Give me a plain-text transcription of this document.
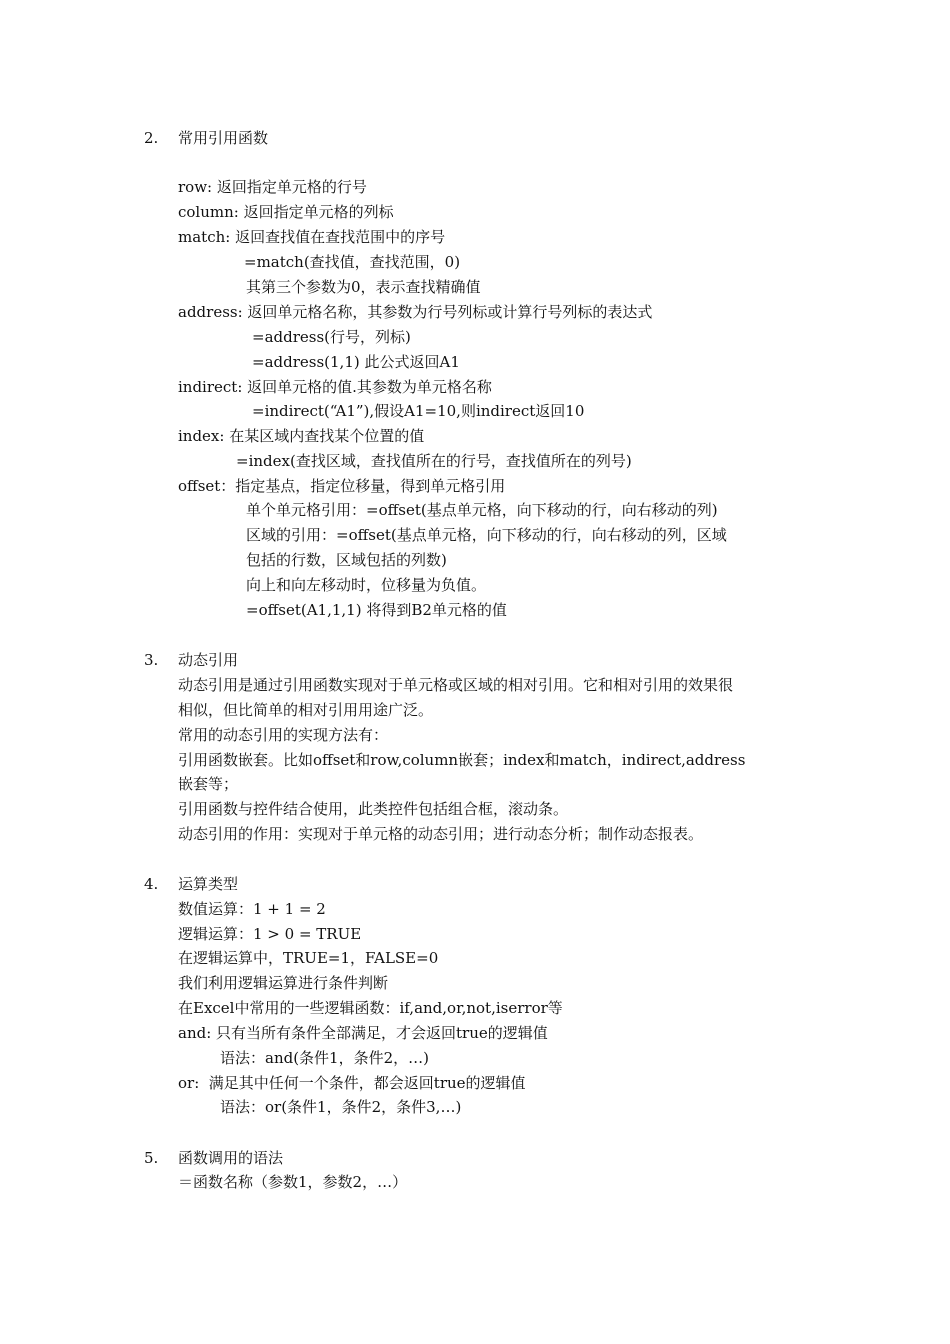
2. 常用引用函数
row: 返回指定单元格的行号
column: 返回指定单元格的列标
match: 返回查找值在查找范围中的序号
=match(查找值，查找范围，0)
其第三个参数为0，表示查找精确值
address: 返回单元格名称，其参数为行号列标或计算行号列标的表达式
=address(行号，列标)
=address(1,1) 此公式返回A1
indirect: 返回单元格的值.其参数为单元格名称
=indirect(“A1”),假设A1=10,则indirect返回10
index: 在某区域内查找某个位置的值
=index(查找区域，查找值所在的行号，查找值所在的列号)
offset：指定基点，指定位移量，得到单元格引用
单个单元格引用：=offset(基点单元格，向下移动的行，向右移动的列)
区域的引用：=offset(基点单元格，向下移动的行，向右移动的列，区域
包括的行数，区域包括的列数)
向上和向左移动时，位移量为负值。
=offset(A1,1,1) 将得到B2单元格的值
3. 动态引用
动态引用是通过引用函数实现对于单元格或区域的相对引用。它和相对引用的效果很
相似，但比简单的相对引用用途广泛。
常用的动态引用的实现方法有：
引用函数嵌套。比如offset和row,column嵌套；index和match，indirect,address
嵌套等；
引用函数与控件结合使用，此类控件包括组合框，滚动条。
动态引用的作用：实现对于单元格的动态引用；进行动态分析；制作动态报表。
4. 运算类型
数值运算：1 + 1 = 2
逻辑运算：1 > 0 = TRUE
在逻辑运算中，TRUE=1，FALSE=0
我们利用逻辑运算进行条件判断
在Excel中常用的一些逻辑函数：if,and,or,not,iserror等
and: 只有当所有条件全部满足，才会返回true的逻辑值
语法：and(条件1，条件2，…)
or:  满足其中任何一个条件，都会返回true的逻辑值
语法：or(条件1，条件2，条件3,…)
5. 函数调用的语法
＝函数名称（参数1，参数2，…）
